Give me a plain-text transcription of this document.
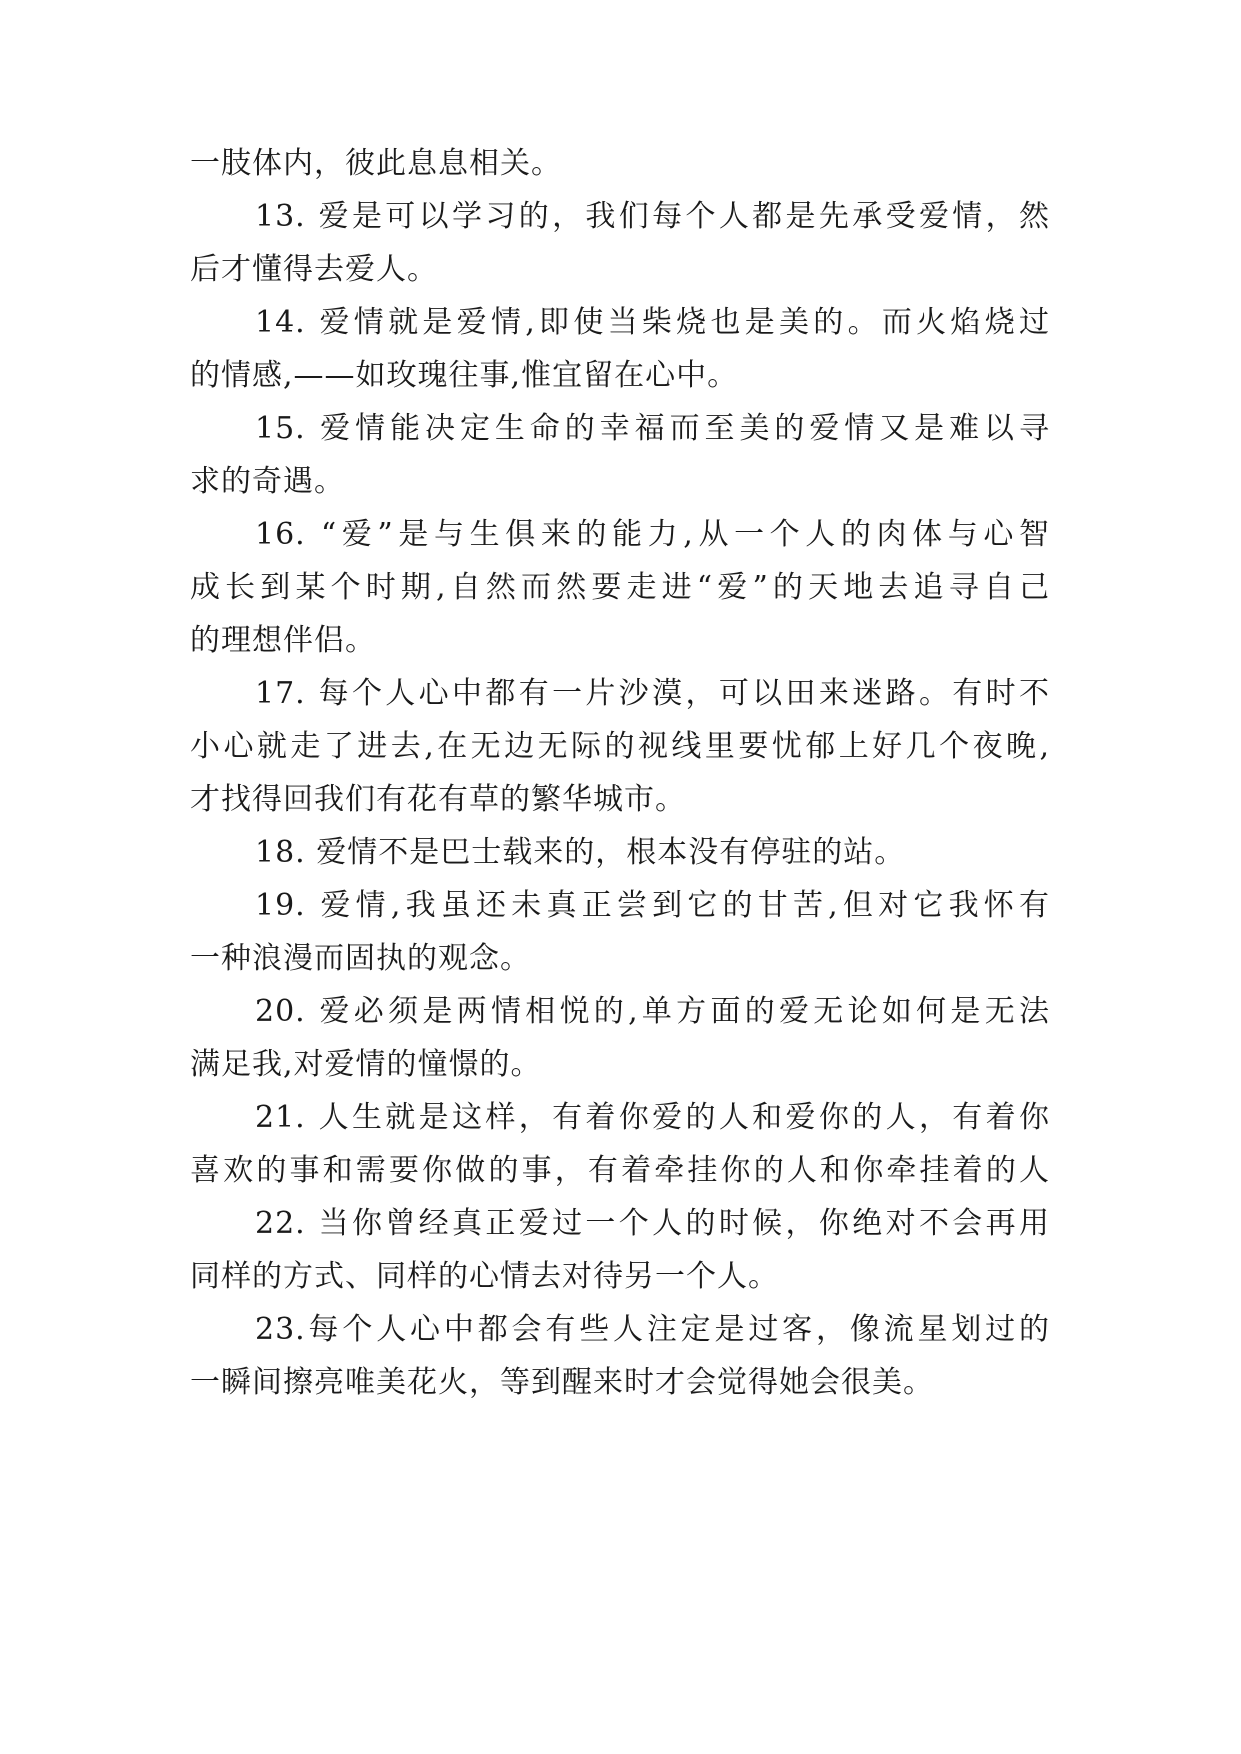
一肢体内，彼此息息相关。
13. 爱是可以学习的，我们每个人都是先承受爱情，然
后才懂得去爱人。
14. 爱情就是爱情,即使当柴烧也是美的。而火焰烧过
的情感,——如玫瑰往事,惟宜留在心中。
15. 爱情能决定生命的幸福而至美的爱情又是难以寻
求的奇遇。
16. “爱”是与生俱来的能力,从一个人的肉体与心智
成长到某个时期,自然而然要走进“爱”的天地去追寻自己
的理想伴侣。
17. 每个人心中都有一片沙漠，可以田来迷路。有时不
小心就走了进去,在无边无际的视线里要忧郁上好几个夜晚,
才找得回我们有花有草的繁华城市。
18. 爱情不是巴士载来的，根本没有停驻的站。
19. 爱情,我虽还未真正尝到它的甘苦,但对它我怀有
一种浪漫而固执的观念。
20. 爱必须是两情相悦的,单方面的爱无论如何是无法
满足我,对爱情的憧憬的。
21. 人生就是这样，有着你爱的人和爱你的人，有着你
喜欢的事和需要你做的事，有着牵挂你的人和你牵挂着的人
22. 当你曾经真正爱过一个人的时候，你绝对不会再用
同样的方式、同样的心情去对待另一个人。
23.每个人心中都会有些人注定是过客，像流星划过的
一瞬间擦亮唯美花火，等到醒来时才会觉得她会很美。
